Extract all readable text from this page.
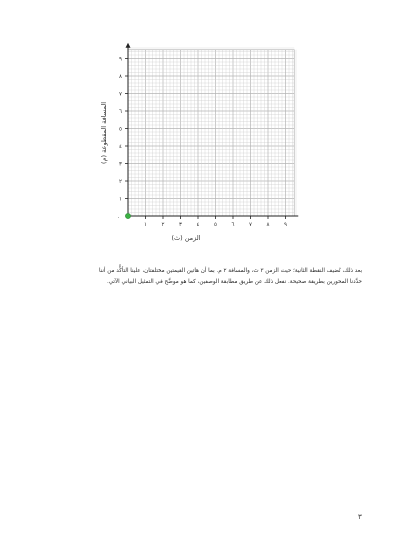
١	٢	٣	٤	٥	٦	٧	٨	٩
١
٢
٣
٤
٥
٦
٧
٨
٩
الزمن (ث)
المسافة المقطوعة (م)
٠

بعد ذلك، نُضيف النقطة الثانية؛ حيث الزمن ٣ ث، والمسافة ٢ م. بما أن هاتين القيمتين مختلفتان، علينا التأكُّد من أننا
حدَّدنا المحورين بطريقة صحيحة. نفعل ذلك عن طريق مطابقة الوصفين، كما هو موضَّح في التمثيل البياني الآتي.

٣
